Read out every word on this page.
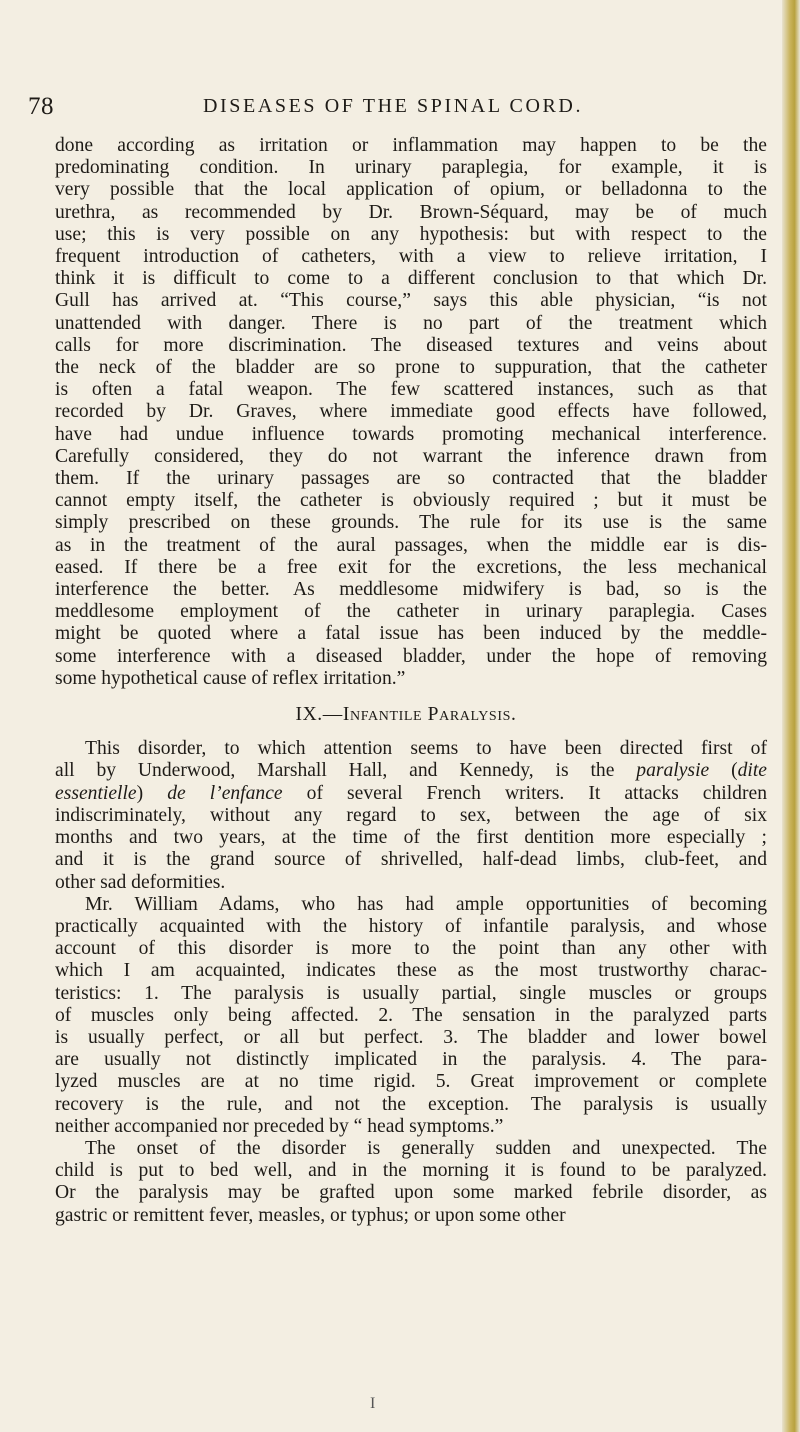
78	DISEASES OF THE SPINAL CORD.
done according as irritation or inflammation may happen to be the
predominating condition. In urinary paraplegia, for example, it is
very possible that the local application of opium, or belladonna to the
urethra, as recommended by Dr. Brown-Séquard, may be of much
use; this is very possible on any hypothesis: but with respect to the
frequent introduction of catheters, with a view to relieve irritation, I
think it is difficult to come to a different conclusion to that which Dr.
Gull has arrived at. “This course,” says this able physician, “is not
unattended with danger. There is no part of the treatment which
calls for more discrimination. The diseased textures and veins about
the neck of the bladder are so prone to suppuration, that the catheter
is often a fatal weapon. The few scattered instances, such as that
recorded by Dr. Graves, where immediate good effects have followed,
have had undue influence towards promoting mechanical interference.
Carefully considered, they do not warrant the inference drawn from
them. If the urinary passages are so contracted that the bladder
cannot empty itself, the catheter is obviously required ; but it must be
simply prescribed on these grounds. The rule for its use is the same
as in the treatment of the aural passages, when the middle ear is dis-
eased. If there be a free exit for the excretions, the less mechanical
interference the better. As meddlesome midwifery is bad, so is the
meddlesome employment of the catheter in urinary paraplegia. Cases
might be quoted where a fatal issue has been induced by the meddle-
some interference with a diseased bladder, under the hope of removing
some hypothetical cause of reflex irritation.”
IX.—Infantile Paralysis.
This disorder, to which attention seems to have been directed first of
all by Underwood, Marshall Hall, and Kennedy, is the paralysie (dite
essentielle) de l’enfance of several French writers. It attacks children
indiscriminately, without any regard to sex, between the age of six
months and two years, at the time of the first dentition more especially ;
and it is the grand source of shrivelled, half-dead limbs, club-feet, and
other sad deformities.
Mr. William Adams, who has had ample opportunities of becoming
practically acquainted with the history of infantile paralysis, and whose
account of this disorder is more to the point than any other with
which I am acquainted, indicates these as the most trustworthy charac-
teristics: 1. The paralysis is usually partial, single muscles or groups
of muscles only being affected. 2. The sensation in the paralyzed parts
is usually perfect, or all but perfect. 3. The bladder and lower bowel
are usually not distinctly implicated in the paralysis. 4. The para-
lyzed muscles are at no time rigid. 5. Great improvement or complete
recovery is the rule, and not the exception. The paralysis is usually
neither accompanied nor preceded by “ head symptoms.”
The onset of the disorder is generally sudden and unexpected. The
child is put to bed well, and in the morning it is found to be paralyzed.
Or the paralysis may be grafted upon some marked febrile disorder, as
gastric or remittent fever, measles, or typhus; or upon some other
I
